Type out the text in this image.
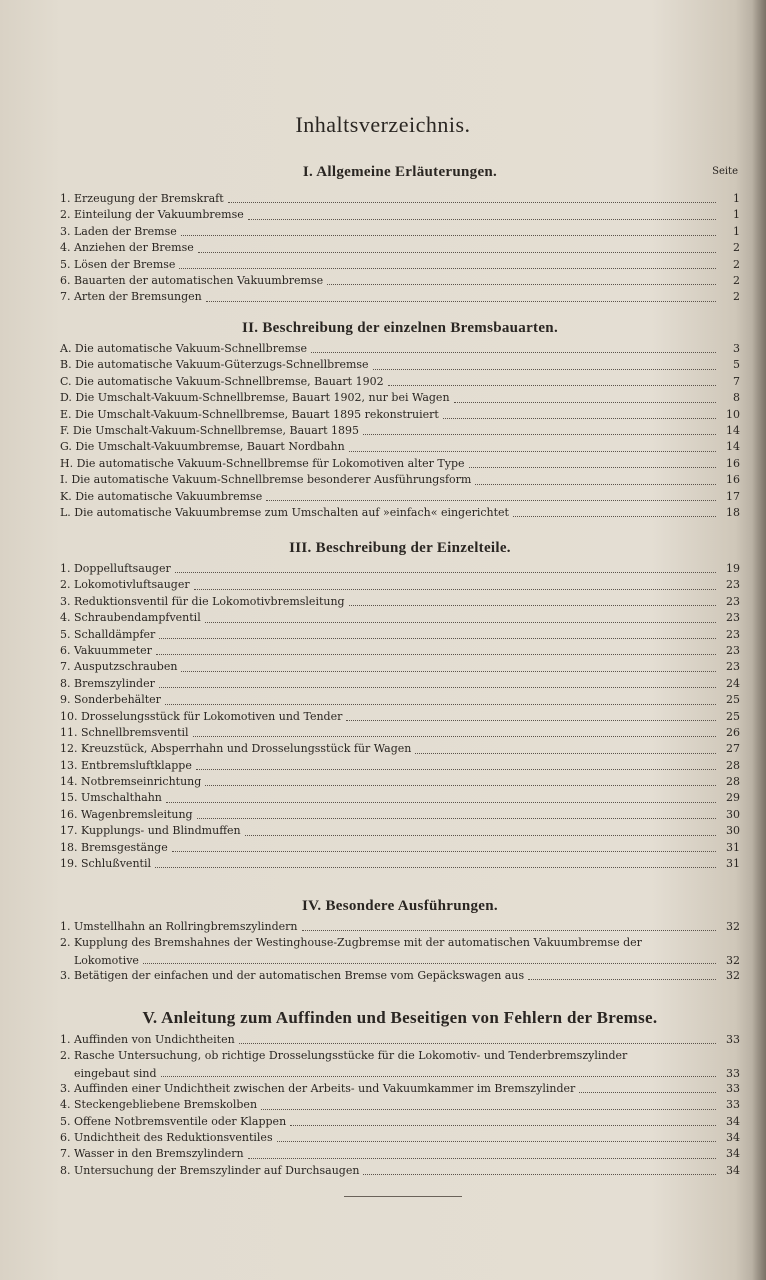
Inhaltsverzeichnis.
Seite
I. Allgemeine Erläuterungen.
1. Erzeugung der Bremskraft	1
2. Einteilung der Vakuumbremse	1
3. Laden der Bremse	1
4. Anziehen der Bremse	2
5. Lösen der Bremse	2
6. Bauarten der automatischen Vakuumbremse	2
7. Arten der Bremsungen	2
II. Beschreibung der einzelnen Bremsbauarten.
A. Die automatische Vakuum-Schnellbremse	3
B. Die automatische Vakuum-Güterzugs-Schnellbremse	5
C. Die automatische Vakuum-Schnellbremse, Bauart 1902	7
D. Die Umschalt-Vakuum-Schnellbremse, Bauart 1902, nur bei Wagen	8
E. Die Umschalt-Vakuum-Schnellbremse, Bauart 1895 rekonstruiert	10
F. Die Umschalt-Vakuum-Schnellbremse, Bauart 1895	14
G. Die Umschalt-Vakuumbremse, Bauart Nordbahn	14
H. Die automatische Vakuum-Schnellbremse für Lokomotiven alter Type	16
I. Die automatische Vakuum-Schnellbremse besonderer Ausführungsform	16
K. Die automatische Vakuumbremse	17
L. Die automatische Vakuumbremse zum Umschalten auf »einfach« eingerichtet	18
III. Beschreibung der Einzelteile.
1. Doppelluftsauger	19
2. Lokomotivluftsauger	23
3. Reduktionsventil für die Lokomotivbremsleitung	23
4. Schraubendampfventil	23
5. Schalldämpfer	23
6. Vakuummeter	23
7. Ausputzschrauben	23
8. Bremszylinder	24
9. Sonderbehälter	25
10. Drosselungsstück für Lokomotiven und Tender	25
11. Schnellbremsventil	26
12. Kreuzstück, Absperrhahn und Drosselungsstück für Wagen	27
13. Entbremsluftklappe	28
14. Notbremseinrichtung	28
15. Umschalthahn	29
16. Wagenbremsleitung	30
17. Kupplungs- und Blindmuffen	30
18. Bremsgestänge	31
19. Schlußventil	31
IV. Besondere Ausführungen.
1. Umstellhahn an Rollringbremszylindern	32
2. Kupplung des Bremshahnes der Westinghouse-Zugbremse mit der automatischen Vakuumbremse der
Lokomotive	32
3. Betätigen der einfachen und der automatischen Bremse vom Gepäckswagen aus	32
V. Anleitung zum Auffinden und Beseitigen von Fehlern der Bremse.
1. Auffinden von Undichtheiten	33
2. Rasche Untersuchung, ob richtige Drosselungsstücke für die Lokomotiv- und Tenderbremszylinder
eingebaut sind	33
3. Auffinden einer Undichtheit zwischen der Arbeits- und Vakuumkammer im Bremszylinder	33
4. Steckengebliebene Bremskolben	33
5. Offene Notbremsventile oder Klappen	34
6. Undichtheit des Reduktionsventiles	34
7. Wasser in den Bremszylindern	34
8. Untersuchung der Bremszylinder auf Durchsaugen	34
